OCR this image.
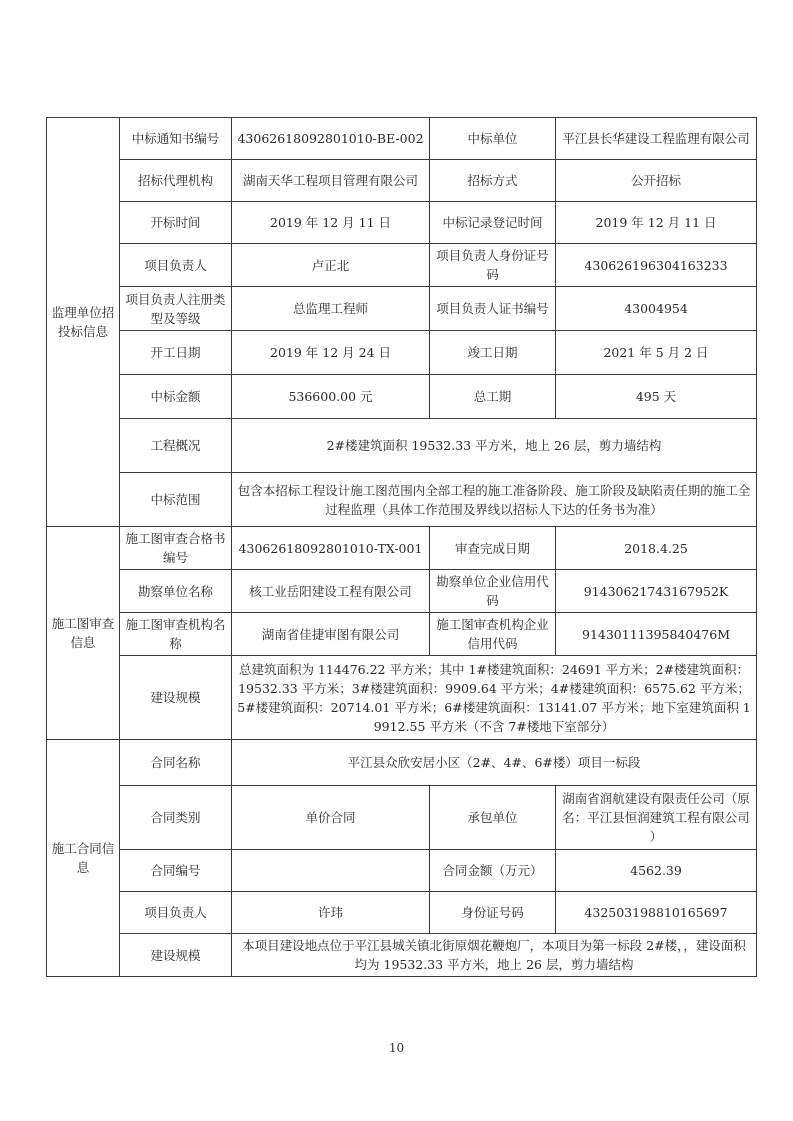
监理单位招投标信息	中标通知书编号	43062618092801010-BE-002	中标单位	平江县长华建设工程监理有限公司
	招标代理机构	湖南天华工程项目管理有限公司	招标方式	公开招标
	开标时间	2019 年 12 月 11 日	中标记录登记时间	2019 年 12 月 11 日
	项目负责人	卢正北	项目负责人身份证号码	430626196304163233
	项目负责人注册类型及等级	总监理工程师	项目负责人证书编号	43004954
	开工日期	2019 年 12 月 24 日	竣工日期	2021 年 5 月 2 日
	中标金额	536600.00 元	总工期	495 天
	工程概况	2#楼建筑面积 19532.33 平方米，地上 26 层，剪力墙结构		
	中标范围	包含本招标工程设计施工图范围内全部工程的施工准备阶段、施工阶段及缺陷责任期的施工全过程监理（具体工作范围及界线以招标人下达的任务书为准）		
施工图审查信息	施工图审查合格书编号	43062618092801010-TX-001	审查完成日期	2018.4.25
	勘察单位名称	核工业岳阳建设工程有限公司	勘察单位企业信用代码	91430621743167952K
	施工图审查机构名称	湖南省佳捷审图有限公司	施工图审查机构企业信用代码	91430111395840476M
	建设规模	总建筑面积为 114476.22 平方米；其中 1#楼建筑面积：24691 平方米；2#楼建筑面积：19532.33 平方米；3#楼建筑面积：9909.64 平方米；4#楼建筑面积：6575.62 平方米；5#楼建筑面积：20714.01 平方米；6#楼建筑面积：13141.07 平方米；地下室建筑面积 19912.55 平方米（不含 7#楼地下室部分）		
施工合同信息	合同名称	平江县众欣安居小区（2#、4#、6#楼）项目一标段		
	合同类别	单价合同	承包单位	湖南省润航建设有限责任公司（原名：平江县恒润建筑工程有限公司 ）
	合同编号		合同金额（万元）	4562.39
	项目负责人	许玮	身份证号码	432503198810165697
	建设规模	本项目建设地点位于平江县城关镇北街原烟花鞭炮厂，本项目为第一标段 2#楼，，建设面积均为 19532.33 平方米，地上 26 层，剪力墙结构		
10
